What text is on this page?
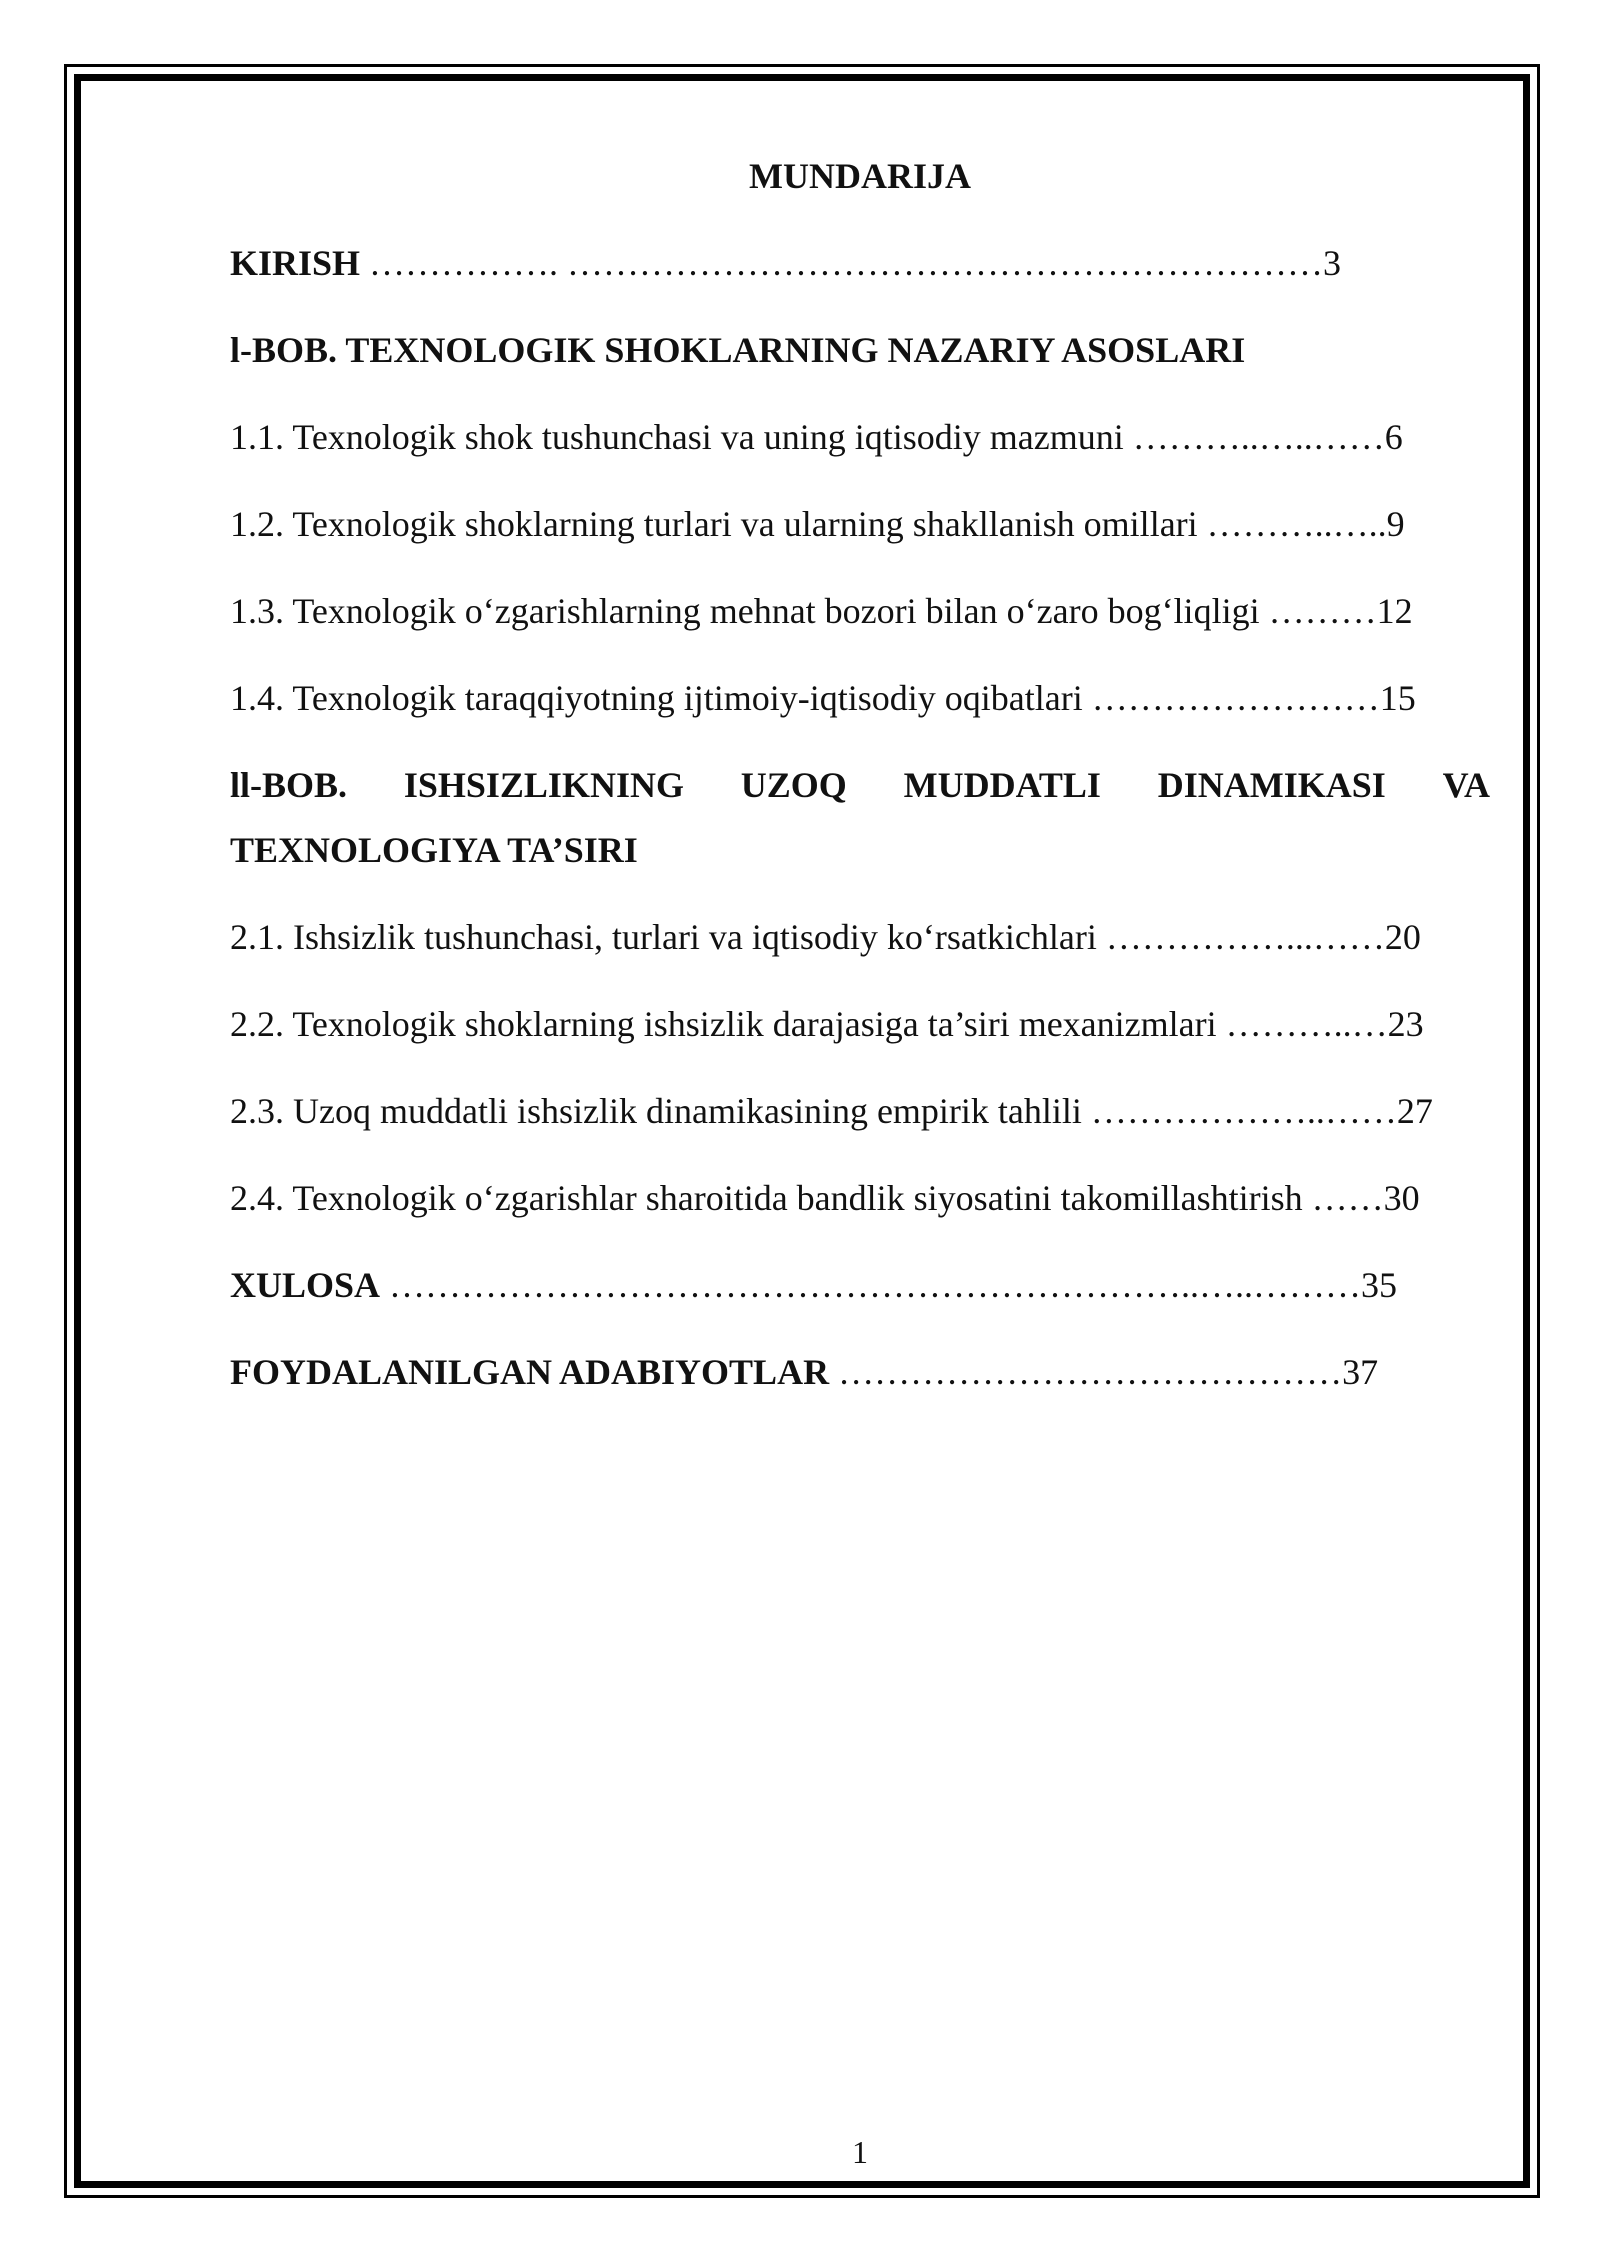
MUNDARIJA
KIRISH ……………. ………………………………………………………3
l-BOB. TEXNOLOGIK SHOKLARNING NAZARIY ASOSLARI
1.1. Texnologik shok tushunchasi va uning iqtisodiy mazmuni ………..…..……6
1.2. Texnologik shoklarning turlari va ularning shakllanish omillari ………..…..9
1.3. Texnologik o‘zgarishlarning mehnat bozori bilan o‘zaro bog‘liqligi ………12
1.4. Texnologik taraqqiyotning ijtimoiy-iqtisodiy oqibatlari ……………………15
ll-BOB. ISHSIZLIKNING UZOQ MUDDATLI DINAMIKASI VA
TEXNOLOGIYA TA’SIRI
2.1. Ishsizlik tushunchasi, turlari va iqtisodiy ko‘rsatkichlari ……………...……20
2.2. Texnologik shoklarning ishsizlik darajasiga ta’siri mexanizmlari ………..…23
2.3. Uzoq muddatli ishsizlik dinamikasining empirik tahlili ………………..……27
2.4. Texnologik o‘zgarishlar sharoitida bandlik siyosatini takomillashtirish ……30
XULOSA …………………………………………………………..…..………35
FOYDALANILGAN ADABIYOTLAR ……………………………………37
1
